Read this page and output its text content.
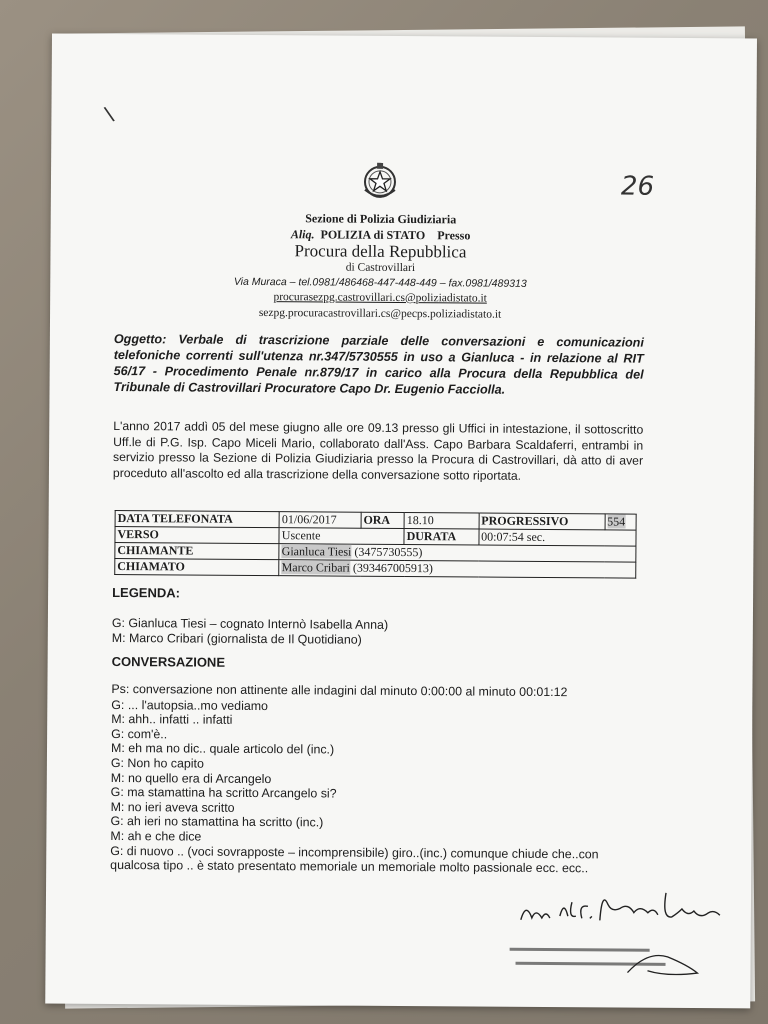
\
26
Sezione di Polizia Giudiziaria
Aliq. POLIZIA di STATO Presso
Procura della Repubblica
di Castrovillari
Via Muraca – tel.0981/486468-447-448-449 – fax.0981/489313
procurasezpg.castrovillari.cs@poliziadistato.it
sezpg.procuracastrovillari.cs@pecps.poliziadistato.it
Oggetto: Verbale di trascrizione parziale delle conversazioni e comunicazioni telefoniche correnti sull'utenza nr.347/5730555 in uso a Gianluca - in relazione al RIT 56/17 - Procedimento Penale nr.879/17 in carico alla Procura della Repubblica del Tribunale di Castrovillari Procuratore Capo Dr. Eugenio Facciolla.
L'anno 2017 addì 05 del mese giugno alle ore 09.13 presso gli Uffici in intestazione, il sottoscritto Uff.le di P.G. Isp. Capo Miceli Mario, collaborato dall'Ass. Capo Barbara Scaldaferri, entrambi in servizio presso la Sezione di Polizia Giudiziaria presso la Procura di Castrovillari, dà atto di aver proceduto all'ascolto ed alla trascrizione della conversazione sotto riportata.
DATA TELEFONATA	01/06/2017	ORA	18.10	PROGRESSIVO	554
VERSO	Uscente		DURATA	00:07:54 sec.	
CHIAMANTE	Gianluca Tiesi (3475730555)				
CHIAMATO	Marco Cribari (393467005913)				
LEGENDA:
G: Gianluca Tiesi – cognato Internò Isabella Anna)
M: Marco Cribari (giornalista de Il Quotidiano)
CONVERSAZIONE
Ps: conversazione non attinente alle indagini dal minuto 0:00:00 al minuto 00:01:12
G: ... l'autopsia..mo vediamo
M: ahh.. infatti .. infatti
G: com'è..
M: eh ma no dic.. quale articolo del (inc.)
G: Non ho capito
M: no quello era di Arcangelo
G: ma stamattina ha scritto Arcangelo si?
M: no ieri aveva scritto
G: ah ieri no stamattina ha scritto (inc.)
M: ah e che dice
G: di nuovo .. (voci sovrapposte – incomprensibile) giro..(inc.) comunque chiude che..con
qualcosa tipo .. è stato presentato memoriale un memoriale molto passionale ecc. ecc..
